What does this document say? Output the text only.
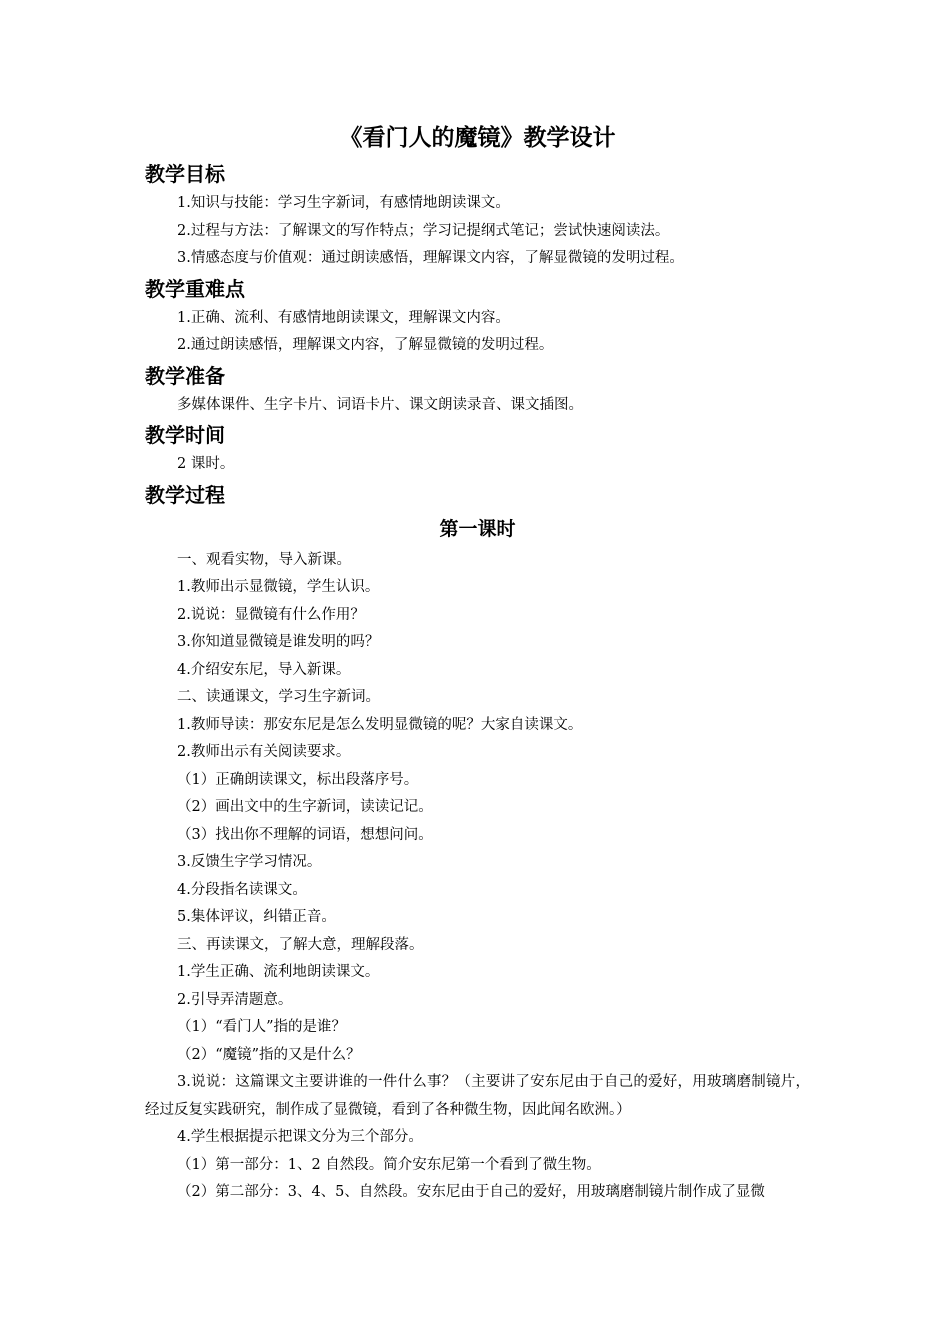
《看门人的魔镜》教学设计
教学目标

1.知识与技能：学习生字新词，有感情地朗读课文。

2.过程与方法：了解课文的写作特点；学习记提纲式笔记；尝试快速阅读法。

3.情感态度与价值观：通过朗读感悟，理解课文内容，了解显微镜的发明过程。

教学重难点

1.正确、流利、有感情地朗读课文，理解课文内容。

2.通过朗读感悟，理解课文内容，了解显微镜的发明过程。

教学准备

多媒体课件、生字卡片、词语卡片、课文朗读录音、课文插图。

教学时间

2 课时。

教学过程
第一课时

一、观看实物，导入新课。

1.教师出示显微镜，学生认识。

2.说说：显微镜有什么作用？

3.你知道显微镜是谁发明的吗？

4.介绍安东尼，导入新课。

二、读通课文，学习生字新词。

1.教师导读：那安东尼是怎么发明显微镜的呢？大家自读课文。

2.教师出示有关阅读要求。

（1）正确朗读课文，标出段落序号。

（2）画出文中的生字新词，读读记记。

（3）找出你不理解的词语，想想问问。

3.反馈生字学习情况。

4.分段指名读课文。

5.集体评议，纠错正音。

三、再读课文，了解大意，理解段落。

1.学生正确、流利地朗读课文。

2.引导弄清题意。

（1）“看门人”指的是谁？

（2）“魔镜”指的又是什么？

3.说说：这篇课文主要讲谁的一件什么事？（主要讲了安东尼由于自己的爱好，用玻璃磨制镜片，经过反复实践研究，制作成了显微镜，看到了各种微生物，因此闻名欧洲。）

4.学生根据提示把课文分为三个部分。

（1）第一部分：1、2 自然段。简介安东尼第一个看到了微生物。

（2）第二部分：3、4、5、自然段。安东尼由于自己的爱好，用玻璃磨制镜片制作成了显微
